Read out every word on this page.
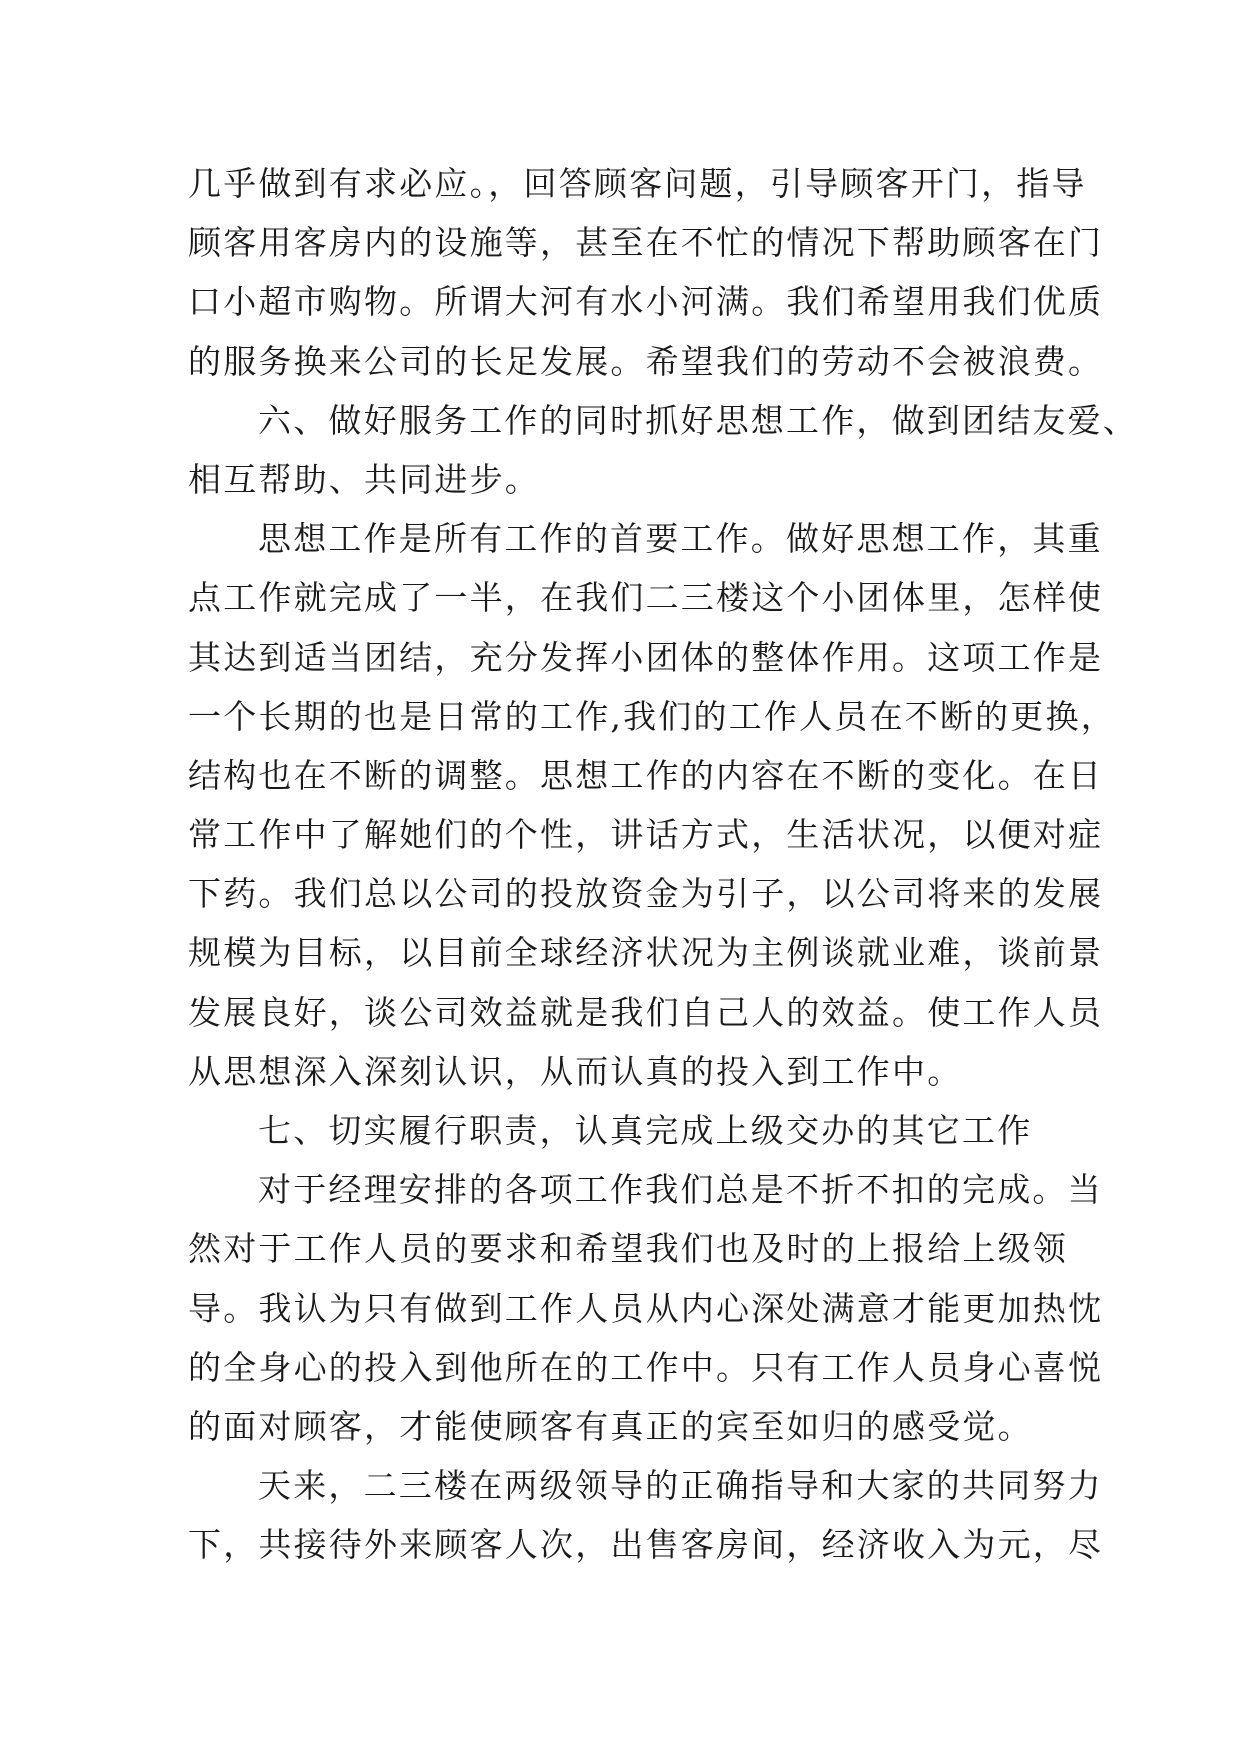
几乎做到有求必应。，回答顾客问题，引导顾客开门，指导
顾客用客房内的设施等，甚至在不忙的情况下帮助顾客在门
口小超市购物。所谓大河有水小河满。我们希望用我们优质
的服务换来公司的长足发展。希望我们的劳动不会被浪费。
六、做好服务工作的同时抓好思想工作，做到团结友爱、
相互帮助、共同进步。
思想工作是所有工作的首要工作。做好思想工作，其重
点工作就完成了一半，在我们二三楼这个小团体里，怎样使
其达到适当团结，充分发挥小团体的整体作用。这项工作是
一个长期的也是日常的工作,我们的工作人员在不断的更换，
结构也在不断的调整。思想工作的内容在不断的变化。在日
常工作中了解她们的个性，讲话方式，生活状况，以便对症
下药。我们总以公司的投放资金为引子，以公司将来的发展
规模为目标，以目前全球经济状况为主例谈就业难，谈前景
发展良好，谈公司效益就是我们自己人的效益。使工作人员
从思想深入深刻认识，从而认真的投入到工作中。
七、切实履行职责，认真完成上级交办的其它工作
对于经理安排的各项工作我们总是不折不扣的完成。当
然对于工作人员的要求和希望我们也及时的上报给上级领
导。我认为只有做到工作人员从内心深处满意才能更加热忱
的全身心的投入到他所在的工作中。只有工作人员身心喜悦
的面对顾客，才能使顾客有真正的宾至如归的感受觉。
天来，二三楼在两级领导的正确指导和大家的共同努力
下，共接待外来顾客人次，出售客房间，经济收入为元，尽
